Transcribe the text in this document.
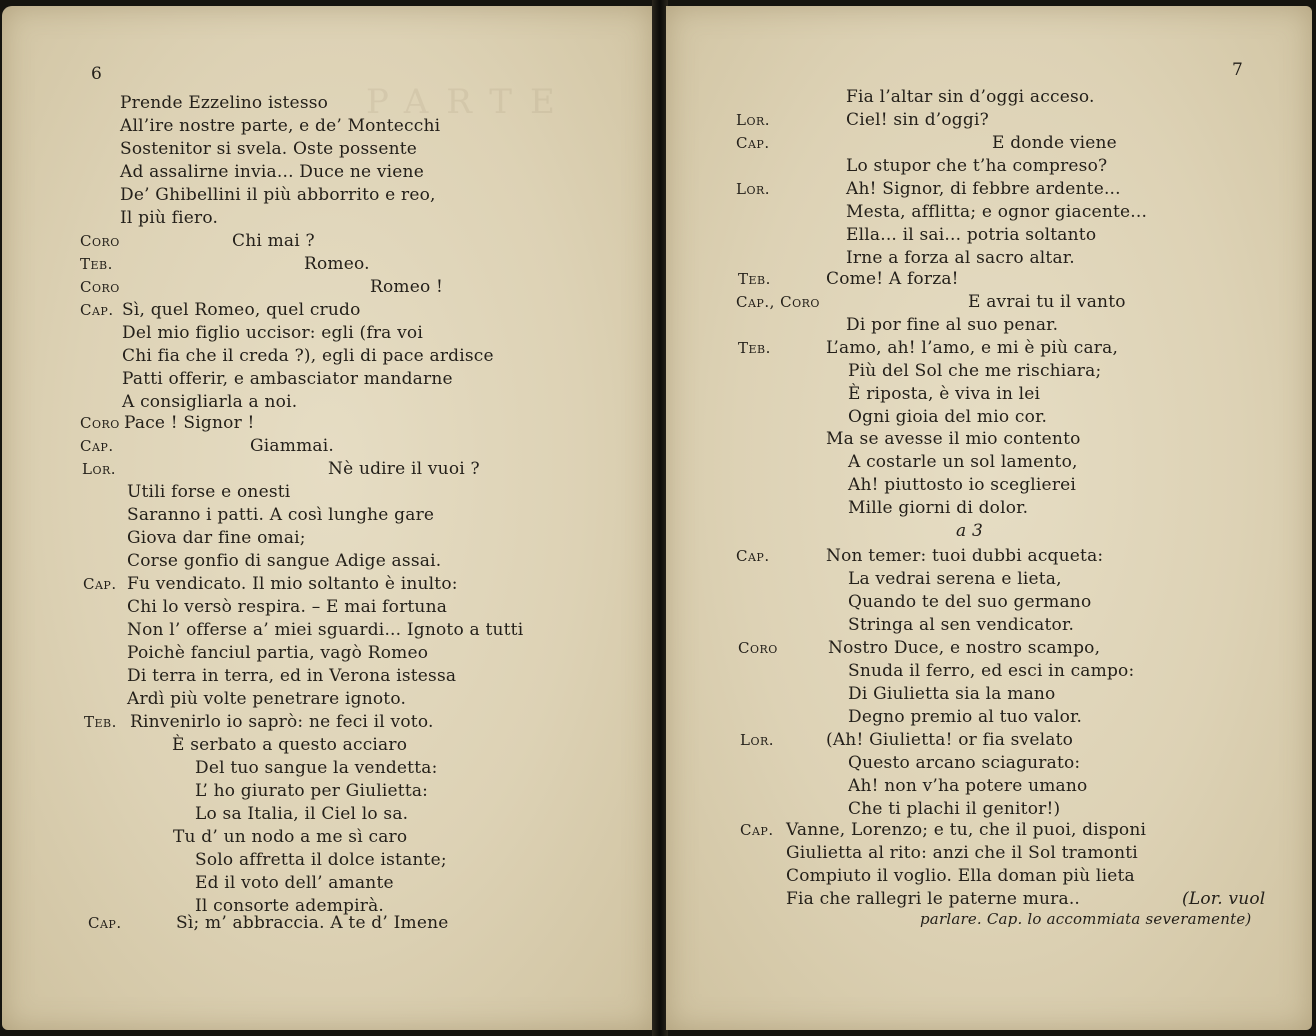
PARTE
6	7
Prende Ezzelino istesso
All’ire nostre parte, e de’ Montecchi
Sostenitor si svela. Oste possente
Ad assalirne invia... Duce ne viene
De’ Ghibellini il più abborrito e reo,
Il più fiero.
Coro	Chi mai ?
Teb.	Romeo.
Coro	Romeo !
Cap. Sì, quel Romeo, quel crudo
Del mio figlio uccisor: egli (fra voi
Chi fia che il creda ?), egli di pace ardisce
Patti offerir, e ambasciator mandarne
A consigliarla a noi.
Coro Pace ! Signor !
Cap.	Giammai.
Lor.	Nè udire il vuoi ?
Utili forse e onesti
Saranno i patti. A così lunghe gare
Giova dar fine omai;
Corse gonfio di sangue Adige assai.
Cap. Fu vendicato. Il mio soltanto è inulto:
Chi lo versò respira. – E mai fortuna
Non l’ offerse a’ miei sguardi... Ignoto a tutti
Poichè fanciul partia, vagò Romeo
Di terra in terra, ed in Verona istessa
Ardì più volte penetrare ignoto.
Teb. Rinvenirlo io saprò: ne feci il voto.
È serbato a questo acciaro
Del tuo sangue la vendetta:
L’ ho giurato per Giulietta:
Lo sa Italia, il Ciel lo sa.
Tu d’ un nodo a me sì caro
Solo affretta il dolce istante;
Ed il voto dell’ amante
Il consorte adempirà.
Cap.	Sì; m’ abbraccia. A te d’ Imene
Fia l’altar sin d’oggi acceso.
Lor.	Ciel! sin d’oggi?
Cap.	E donde viene
Lo stupor che t’ha compreso?
Lor.	Ah! Signor, di febbre ardente...
Mesta, afflitta; e ognor giacente...
Ella... il sai... potria soltanto
Irne a forza al sacro altar.
Teb.	Come! A forza!
Cap., Coro	E avrai tu il vanto
Di por fine al suo penar.
Teb.	L’amo, ah! l’amo, e mi è più cara,
Più del Sol che me rischiara;
È riposta, è viva in lei
Ogni gioia del mio cor.
Ma se avesse il mio contento
A costarle un sol lamento,
Ah! piuttosto io sceglierei
Mille giorni di dolor.
a 3
Cap.	Non temer: tuoi dubbi acqueta:
La vedrai serena e lieta,
Quando te del suo germano
Stringa al sen vendicator.
Coro	Nostro Duce, e nostro scampo,
Snuda il ferro, ed esci in campo:
Di Giulietta sia la mano
Degno premio al tuo valor.
Lor.	(Ah! Giulietta! or fia svelato
Questo arcano sciagurato:
Ah! non v’ha potere umano
Che ti plachi il genitor!)
Cap. Vanne, Lorenzo; e tu, che il puoi, disponi
Giulietta al rito: anzi che il Sol tramonti
Compiuto il voglio. Ella doman più lieta
Fia che rallegri le paterne mura..	(Lor. vuol
parlare. Cap. lo accommiata severamente)
